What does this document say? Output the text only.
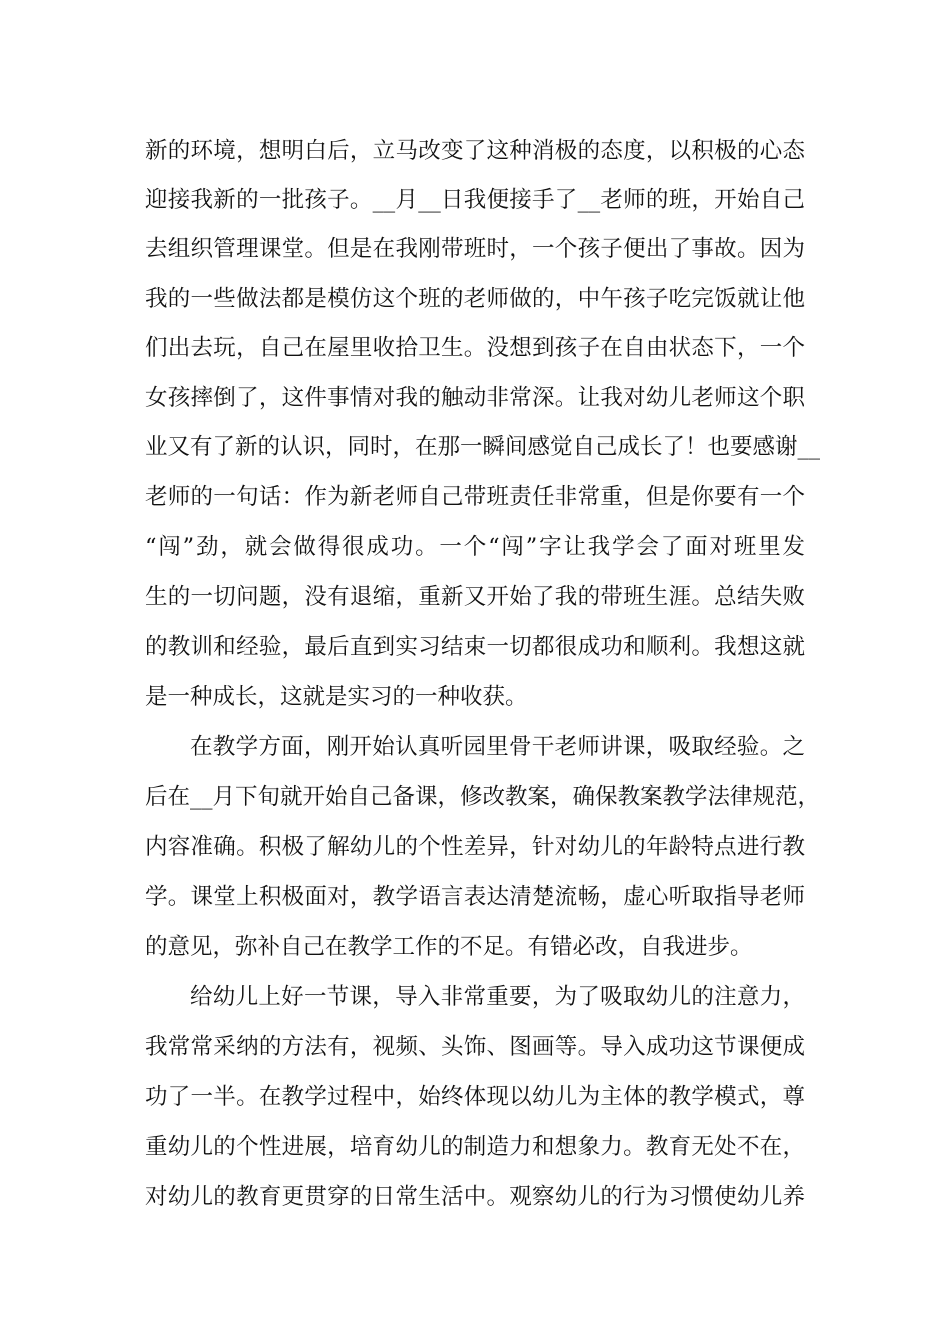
新的环境，想明白后，立马改变了这种消极的态度，以积极的心态
迎接我新的一批孩子。__月__日我便接手了__老师的班，开始自己
去组织管理课堂。但是在我刚带班时，一个孩子便出了事故。因为
我的一些做法都是模仿这个班的老师做的，中午孩子吃完饭就让他
们出去玩，自己在屋里收拾卫生。没想到孩子在自由状态下，一个
女孩摔倒了，这件事情对我的触动非常深。让我对幼儿老师这个职
业又有了新的认识，同时，在那一瞬间感觉自己成长了！也要感谢__
老师的一句话：作为新老师自己带班责任非常重，但是你要有一个
“闯”劲，就会做得很成功。一个“闯”字让我学会了面对班里发
生的一切问题，没有退缩，重新又开始了我的带班生涯。总结失败
的教训和经验，最后直到实习结束一切都很成功和顺利。我想这就
是一种成长，这就是实习的一种收获。
在教学方面，刚开始认真听园里骨干老师讲课，吸取经验。之
后在__月下旬就开始自己备课，修改教案，确保教案教学法律规范，
内容准确。积极了解幼儿的个性差异，针对幼儿的年龄特点进行教
学。课堂上积极面对，教学语言表达清楚流畅，虚心听取指导老师
的意见，弥补自己在教学工作的不足。有错必改，自我进步。
给幼儿上好一节课，导入非常重要，为了吸取幼儿的注意力，
我常常采纳的方法有，视频、头饰、图画等。导入成功这节课便成
功了一半。在教学过程中，始终体现以幼儿为主体的教学模式，尊
重幼儿的个性进展，培育幼儿的制造力和想象力。教育无处不在，
对幼儿的教育更贯穿的日常生活中。观察幼儿的行为习惯使幼儿养
